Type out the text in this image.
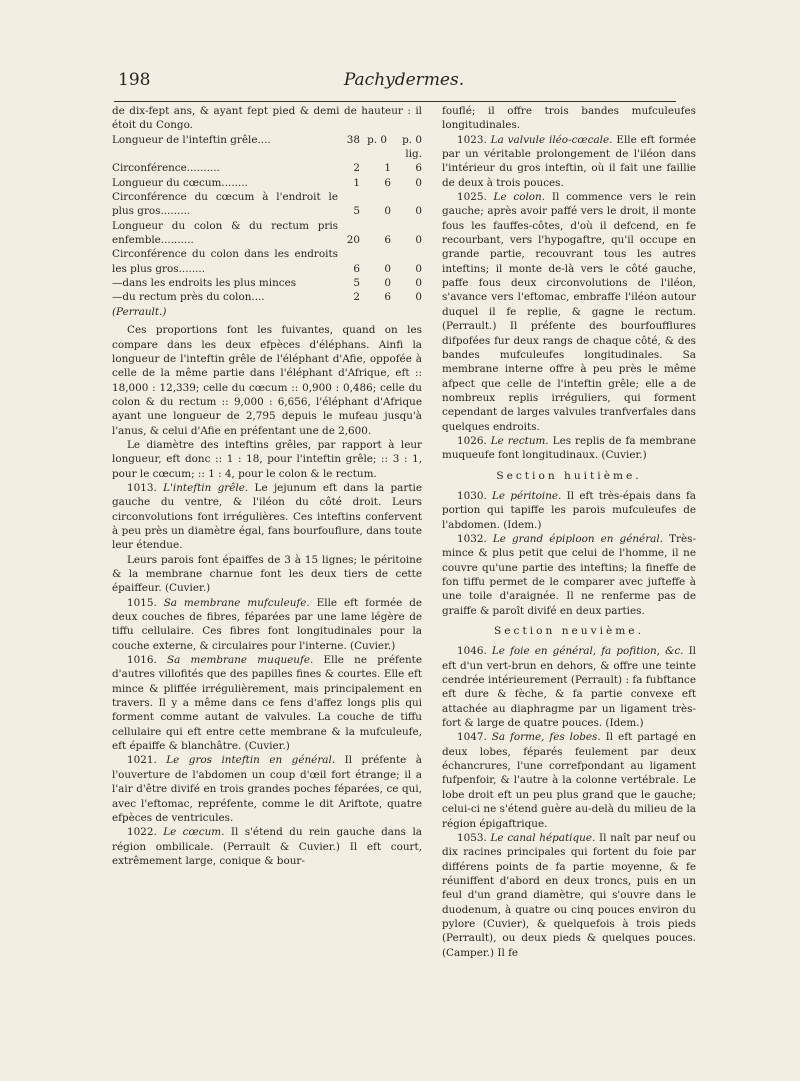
198	Pachydermes.

de dix-fept ans, & ayant fept pied & demi de hauteur : il étoit du Congo.

Longueur de l'inteftin grêle....	38 p. 0	p. 0 lig.
Circonférence..........	2	1	6
Longueur du cœcum........	1	6	0
Circonférence du cœcum à l'endroit le plus gros.........	5	0	0
Longueur du colon & du rectum pris enfemble..........	20	6	0
Circonférence du colon dans les endroits les plus gros........	6	0	0
—dans les endroits les plus minces	5	0	0
—du rectum près du colon....	2	6	0
(Perrault.)

Ces proportions font les fuivantes, quand on les compare dans les deux efpèces d'éléphans. Ainfi la longueur de l'inteftin grêle de l'éléphant d'Afie, oppofée à celle de la même partie dans l'éléphant d'Afrique, eft :: 18,000 : 12,339; celle du cœcum :: 0,900 : 0,486; celle du colon & du rectum :: 9,000 : 6,656, l'éléphant d'Afrique ayant une longueur de 2,795 depuis le mufeau jusqu'à l'anus, & celui d'Afie en préfentant une de 2,600.

Le diamètre des inteftins grêles, par rapport à leur longueur, eft donc :: 1 : 18, pour l'inteftin grêle; :: 3 : 1, pour le cœcum; :: 1 : 4, pour le colon & le rectum.

1013. L'inteftin grêle. Le jejunum eft dans la partie gauche du ventre, & l'iléon du côté droit. Leurs circonvolutions font irrégulières. Ces inteftins confervent à peu près un diamètre égal, fans bourfouflure, dans toute leur étendue.

Leurs parois font épaiffes de 3 à 15 lignes; le péritoine & la membrane charnue font les deux tiers de cette épaiffeur. (Cuvier.)

1015. Sa membrane mufculeufe. Elle eft formée de deux couches de fibres, féparées par une lame légère de tiffu cellulaire. Ces fibres font longitudinales pour la couche externe, & circulaires pour l'interne. (Cuvier.)

1016. Sa membrane muqueufe. Elle ne préfente d'autres villofités que des papilles fines & courtes. Elle eft mince & pliffée irrégulièrement, mais principalement en travers. Il y a même dans ce fens d'affez longs plis qui forment comme autant de valvules. La couche de tiffu cellulaire qui eft entre cette membrane & la mufculeufe, eft épaiffe & blanchâtre. (Cuvier.)

1021. Le gros inteftin en général. Il préfente à l'ouverture de l'abdomen un coup d'œil fort étrange; il a l'air d'être divifé en trois grandes poches féparées, ce qui, avec l'eftomac, repréfente, comme le dit Ariftote, quatre efpèces de ventricules.

1022. Le cœcum. Il s'étend du rein gauche dans la région ombilicale. (Perrault & Cuvier.) Il eft court, extrêmement large, conique & bour-

fouflé; il offre trois bandes mufculeufes longitudinales.

1023. La valvule iléo-cœcale. Elle eft formée par un véritable prolongement de l'iléon dans l'intérieur du gros inteftin, où il fait une faillie de deux à trois pouces.

1025. Le colon. Il commence vers le rein gauche; après avoir paffé vers le droit, il monte fous les fauffes-côtes, d'où il defcend, en fe recourbant, vers l'hypogaftre, qu'il occupe en grande partie, recouvrant tous les autres inteftins; il monte de-là vers le côté gauche, paffe fous deux circonvolutions de l'iléon, s'avance vers l'eftomac, embraffe l'iléon autour duquel il fe replie, & gagne le rectum. (Perrault.) Il préfente des bourfoufflures difpofées fur deux rangs de chaque côté, & des bandes mufculeufes longitudinales. Sa membrane interne offre à peu près le même afpect que celle de l'inteftin grêle; elle a de nombreux replis irréguliers, qui forment cependant de larges valvules tranfverfales dans quelques endroits.

1026. Le rectum. Les replis de fa membrane muqueufe font longitudinaux. (Cuvier.)

Section huitième.

1030. Le péritoine. Il eft très-épais dans fa portion qui tapiffe les parois mufculeufes de l'abdomen. (Idem.)

1032. Le grand épiploon en général. Très-mince & plus petit que celui de l'homme, il ne couvre qu'une partie des inteftins; la fineffe de fon tiffu permet de le comparer avec jufteffe à une toile d'araignée. Il ne renferme pas de graiffe & paroît divifé en deux parties.

Section neuvième.

1046. Le foie en général, fa pofition, &c. Il eft d'un vert-brun en dehors, & offre une teinte cendrée intérieurement (Perrault) : fa fubftance eft dure & fèche, & fa partie convexe eft attachée au diaphragme par un ligament très-fort & large de quatre pouces. (Idem.)

1047. Sa forme, fes lobes. Il eft partagé en deux lobes, féparés feulement par deux échancrures, l'une correfpondant au ligament fufpenfoir, & l'autre à la colonne vertébrale. Le lobe droit eft un peu plus grand que le gauche; celui-ci ne s'étend guère au-delà du milieu de la région épigaftrique.

1053. Le canal hépatique. Il naît par neuf ou dix racines principales qui fortent du foie par différens points de fa partie moyenne, & fe réuniffent d'abord en deux troncs, puis en un feul d'un grand diamètre, qui s'ouvre dans le duodenum, à quatre ou cinq pouces environ du pylore (Cuvier), & quelquefois à trois pieds (Perrault), ou deux pieds & quelques pouces. (Camper.) Il fe
